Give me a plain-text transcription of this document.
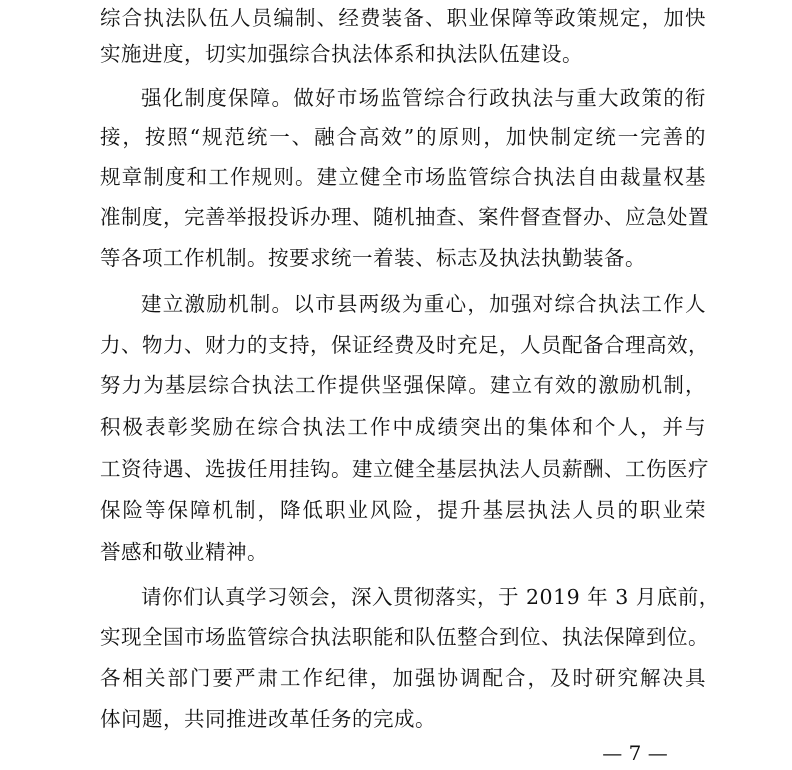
综合执法队伍人员编制、经费装备、职业保障等政策规定，加快
实施进度，切实加强综合执法体系和执法队伍建设。
强化制度保障。做好市场监管综合行政执法与重大政策的衔
接，按照“规范统一、融合高效”的原则，加快制定统一完善的
规章制度和工作规则。建立健全市场监管综合执法自由裁量权基
准制度，完善举报投诉办理、随机抽查、案件督查督办、应急处置
等各项工作机制。按要求统一着装、标志及执法执勤装备。
建立激励机制。以市县两级为重心，加强对综合执法工作人
力、物力、财力的支持，保证经费及时充足，人员配备合理高效，
努力为基层综合执法工作提供坚强保障。建立有效的激励机制，
积极表彰奖励在综合执法工作中成绩突出的集体和个人，并与
工资待遇、选拔任用挂钩。建立健全基层执法人员薪酬、工伤医疗
保险等保障机制，降低职业风险，提升基层执法人员的职业荣
誉感和敬业精神。
请你们认真学习领会，深入贯彻落实，于 2019 年 3 月底前，
实现全国市场监管综合执法职能和队伍整合到位、执法保障到位。
各相关部门要严肃工作纪律，加强协调配合，及时研究解决具
体问题，共同推进改革任务的完成。
— 7 —
